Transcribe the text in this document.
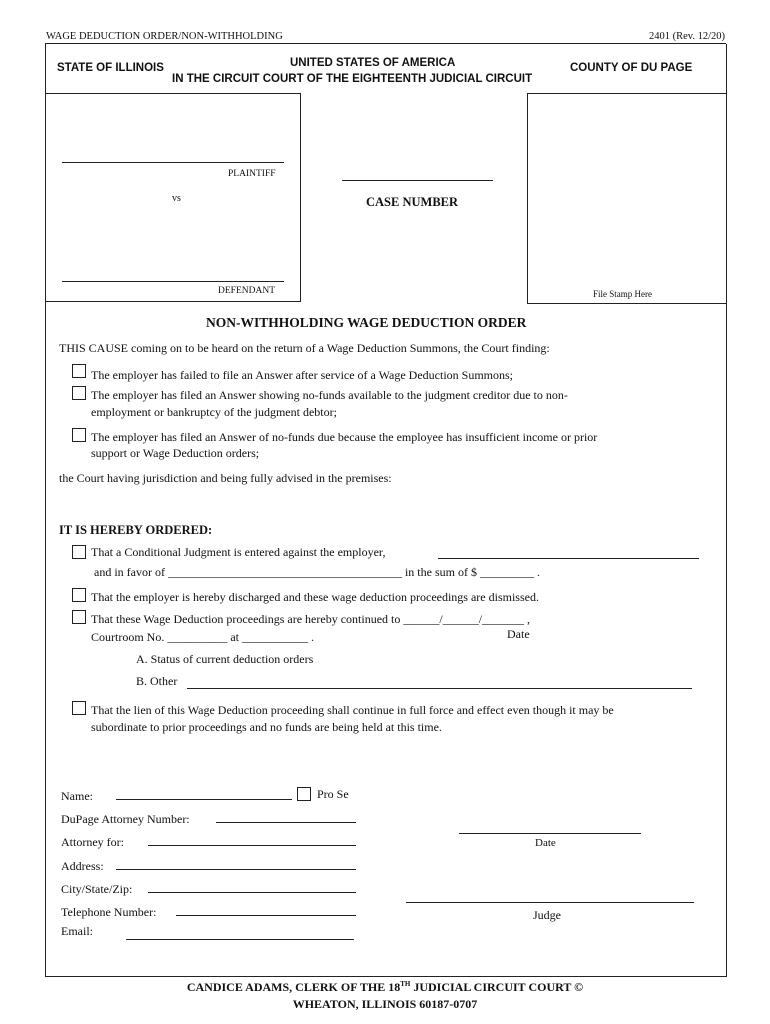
WAGE DEDUCTION ORDER/NON-WITHHOLDING	2401 (Rev. 12/20)
STATE OF ILLINOIS	UNITED STATES OF AMERICA
IN THE CIRCUIT COURT OF THE EIGHTEENTH JUDICIAL CIRCUIT
COUNTY OF DU PAGE
PLAINTIFF
vs
DEFENDANT
CASE NUMBER
File Stamp Here
NON-WITHHOLDING WAGE DEDUCTION ORDER
THIS CAUSE coming on to be heard on the return of a Wage Deduction Summons, the Court finding:
The employer has failed to file an Answer after service of a Wage Deduction Summons;
The employer has filed an Answer showing no-funds available to the judgment creditor due to non-
employment or bankruptcy of the judgment debtor;
The employer has filed an Answer of no-funds due because the employee has insufficient income or prior
support or Wage Deduction orders;
the Court having jurisdiction and being fully advised in the premises:
IT IS HEREBY ORDERED:
That a Conditional Judgment is entered against the employer,
and in favor of _______________________________________ in the sum of $ _________ .
That the employer is hereby discharged and these wage deduction proceedings are dismissed.
That these Wage Deduction proceedings are hereby continued to ______/______/_______ ,
Courtroom No. __________ at ___________ .	Date
A. Status of current deduction orders
B. Other
That the lien of this Wage Deduction proceeding shall continue in full force and effect even though it may be
subordinate to prior proceedings and no funds are being held at this time.
Name:	Pro Se
DuPage Attorney Number:
Attorney for:
Address:
City/State/Zip:
Telephone Number:
Email:
Date
Judge
CANDICE ADAMS, CLERK OF THE 18TH JUDICIAL CIRCUIT COURT ©
WHEATON, ILLINOIS 60187-0707
